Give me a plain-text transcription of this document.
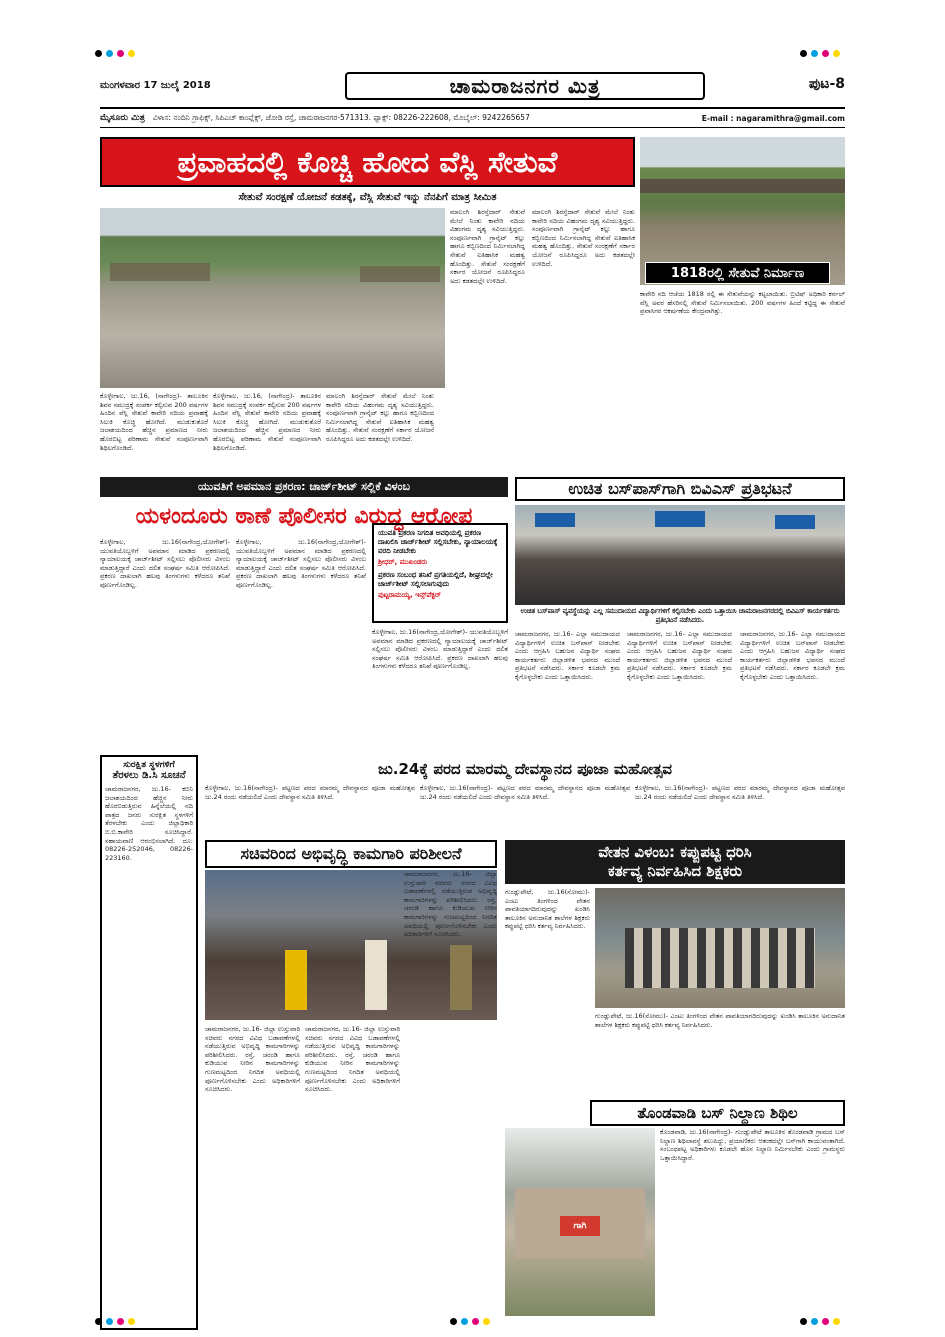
ಮಂಗಳವಾರ 17 ಜುಲೈ 2018	ಚಾಮರಾಜನಗರ ಮಿತ್ರ	ಪುಟ-8
ಮೈಸೂರು ಮಿತ್ರ ವಿಳಾಸ: ನಂದಿನಿ ಗ್ರಾಫಿಕ್ಸ್, ಸಿಪಿಎಚ್ ಕಾಂಪ್ಲೆಕ್ಸ್, ಜೋಡಿ ರಸ್ತೆ, ಚಾಮರಾಜನಗರ-571313. ಫ್ಯಾಕ್ಸ್: 08226-222608, ಮೊಬೈಲ್: 9242265657	E-mail : nagaramithra@gmail.com
ಪ್ರವಾಹದಲ್ಲಿ ಕೊಚ್ಚಿ ಹೋದ ವೆಸ್ಲಿ ಸೇತುವೆ
ಸೇತುವೆ ಸಂರಕ್ಷಣೆ ಯೋಜನೆ ಕಡತಕ್ಕೆ, ವೆಸ್ಲಿ ಸೇತುವೆ ಇನ್ನು ನೆನಪಿಗೆ ಮಾತ್ರ ಸೀಮಿತ
ಕೊಳ್ಳೇಗಾಲ, ಜು.16, (ನಾಗೇಂದ್ರ)- ತಾಲೂಕಿನ ಶಿವನ ಸಮುದ್ರಕ್ಕೆ ಸಂಪರ್ಕ ಕಲ್ಪಿಸುವ 200 ವರ್ಷಗಳ ಹಿಂದಿನ ವೆಸ್ಲಿ ಸೇತುವೆ ಕಾವೇರಿ ನದಿಯ ಪ್ರವಾಹಕ್ಕೆ ಸಿಲುಕಿ ಕೊಚ್ಚಿ ಹೋಗಿದೆ. ಮುಡುಕುತೊರೆ ಜಲಾಶಯದಿಂದ ಹೆಚ್ಚಿನ ಪ್ರಮಾಣದ ನೀರು ಹೊರಬಿಟ್ಟ ಪರಿಣಾಮ ಸೇತುವೆ ಸಂಪೂರ್ಣವಾಗಿ ಶಿಥಿಲಗೊಂಡಿದೆ.
ಕೊಳ್ಳೇಗಾಲ, ಜು.16, (ನಾಗೇಂದ್ರ)- ತಾಲೂಕಿನ ಶಿವನ ಸಮುದ್ರಕ್ಕೆ ಸಂಪರ್ಕ ಕಲ್ಪಿಸುವ 200 ವರ್ಷಗಳ ಹಿಂದಿನ ವೆಸ್ಲಿ ಸೇತುವೆ ಕಾವೇರಿ ನದಿಯ ಪ್ರವಾಹಕ್ಕೆ ಸಿಲುಕಿ ಕೊಚ್ಚಿ ಹೋಗಿದೆ. ಮುಡುಕುತೊರೆ ಜಲಾಶಯದಿಂದ ಹೆಚ್ಚಿನ ಪ್ರಮಾಣದ ನೀರು ಹೊರಬಿಟ್ಟ ಪರಿಣಾಮ ಸೇತುವೆ ಸಂಪೂರ್ಣವಾಗಿ ಶಿಥಿಲಗೊಂಡಿದೆ.
ಮಾಲಂಗಿ ಶಿರಸ್ತೆದಾರ್ ಸೇತುವೆ ಮೇಲೆ ನಿಂತು ಕಾವೇರಿ ನದಿಯ ವಿಹಂಗಮ ದೃಶ್ಯ ಸವಿಯುತ್ತಿದ್ದರು. ಸಂಪೂರ್ಣವಾಗಿ ಗ್ರಾನೈಟ್ ಕಲ್ಲು ಹಾಗೂ ಕಬ್ಬಿಣದಿಂದ ನಿರ್ಮಿಸಲಾಗಿದ್ದ ಸೇತುವೆ ಐತಿಹಾಸಿಕ ಮಹತ್ವ ಹೊಂದಿತ್ತು. ಸೇತುವೆ ಸಂರಕ್ಷಣೆಗೆ ಸರ್ಕಾರ ಯೋಜನೆ ರೂಪಿಸಿದ್ದರೂ ಅದು ಕಡತದಲ್ಲೇ ಉಳಿದಿದೆ.
ಮಾಲಂಗಿ ಶಿರಸ್ತೆದಾರ್ ಸೇತುವೆ ಮೇಲೆ ನಿಂತು ಕಾವೇರಿ ನದಿಯ ವಿಹಂಗಮ ದೃಶ್ಯ ಸವಿಯುತ್ತಿದ್ದರು. ಸಂಪೂರ್ಣವಾಗಿ ಗ್ರಾನೈಟ್ ಕಲ್ಲು ಹಾಗೂ ಕಬ್ಬಿಣದಿಂದ ನಿರ್ಮಿಸಲಾಗಿದ್ದ ಸೇತುವೆ ಐತಿಹಾಸಿಕ ಮಹತ್ವ ಹೊಂದಿತ್ತು. ಸೇತುವೆ ಸಂರಕ್ಷಣೆಗೆ ಸರ್ಕಾರ ಯೋಜನೆ ರೂಪಿಸಿದ್ದರೂ ಅದು ಕಡತದಲ್ಲೇ ಉಳಿದಿದೆ.
ಮಾಲಂಗಿ ಶಿರಸ್ತೆದಾರ್ ಸೇತುವೆ ಮೇಲೆ ನಿಂತು ಕಾವೇರಿ ನದಿಯ ವಿಹಂಗಮ ದೃಶ್ಯ ಸವಿಯುತ್ತಿದ್ದರು. ಸಂಪೂರ್ಣವಾಗಿ ಗ್ರಾನೈಟ್ ಕಲ್ಲು ಹಾಗೂ ಕಬ್ಬಿಣದಿಂದ ನಿರ್ಮಿಸಲಾಗಿದ್ದ ಸೇತುವೆ ಐತಿಹಾಸಿಕ ಮಹತ್ವ ಹೊಂದಿತ್ತು. ಸೇತುವೆ ಸಂರಕ್ಷಣೆಗೆ ಸರ್ಕಾರ ಯೋಜನೆ ರೂಪಿಸಿದ್ದರೂ ಅದು ಕಡತದಲ್ಲೇ ಉಳಿದಿದೆ.
1818ರಲ್ಲಿ ಸೇತುವೆ ನಿರ್ಮಾಣ
ಕಾವೇರಿ ನದಿ ಆಚೆಯ 1818 ರಲ್ಲಿ ಈ ಸೇತುವೆಯನ್ನು ಕಟ್ಟಲಾಯಿತು. ಬ್ರಿಟಿಷ್ ಅಧಿಕಾರಿ ಕರ್ನಲ್ ವೆಸ್ಲಿ ಅವರ ಹೆಸರಿನಲ್ಲಿ ಸೇತುವೆ ನಿರ್ಮಿಸಲಾಯಿತು. 200 ವರ್ಷಗಳ ಹಿಂದೆ ಕಟ್ಟಿದ್ದ ಈ ಸೇತುವೆ ಪ್ರವಾಸಿಗರ ಆಕರ್ಷಣೆಯ ಕೇಂದ್ರವಾಗಿತ್ತು.
ಯುವತಿಗೆ ಅಪಮಾನ ಪ್ರಕರಣ: ಚಾರ್ಜ್‌ಶೀಟ್ ಸಲ್ಲಿಕೆ ವಿಳಂಬ
ಯಳಂದೂರು ಠಾಣೆ ಪೊಲೀಸರ ವಿರುದ್ಧ ಆರೋಪ
ಕೊಳ್ಳೇಗಾಲ, ಜು.16(ನಾಗೇಂದ್ರ,ಯೋಗೇಶ್)- ಯುವತಿಯೊಬ್ಬಳಿಗೆ ಅಪಮಾನ ಮಾಡಿದ ಪ್ರಕರಣದಲ್ಲಿ ನ್ಯಾಯಾಲಯಕ್ಕೆ ಚಾರ್ಜ್‌ಶೀಟ್ ಸಲ್ಲಿಸಲು ಪೊಲೀಸರು ವಿಳಂಬ ಮಾಡುತ್ತಿದ್ದಾರೆ ಎಂದು ದಲಿತ ಸಂಘರ್ಷ ಸಮಿತಿ ಆರೋಪಿಸಿದೆ. ಪ್ರಕರಣ ದಾಖಲಾಗಿ ಹಲವು ತಿಂಗಳುಗಳು ಕಳೆದರೂ ತನಿಖೆ ಪೂರ್ಣಗೊಂಡಿಲ್ಲ.
ಕೊಳ್ಳೇಗಾಲ, ಜು.16(ನಾಗೇಂದ್ರ,ಯೋಗೇಶ್)- ಯುವತಿಯೊಬ್ಬಳಿಗೆ ಅಪಮಾನ ಮಾಡಿದ ಪ್ರಕರಣದಲ್ಲಿ ನ್ಯಾಯಾಲಯಕ್ಕೆ ಚಾರ್ಜ್‌ಶೀಟ್ ಸಲ್ಲಿಸಲು ಪೊಲೀಸರು ವಿಳಂಬ ಮಾಡುತ್ತಿದ್ದಾರೆ ಎಂದು ದಲಿತ ಸಂಘರ್ಷ ಸಮಿತಿ ಆರೋಪಿಸಿದೆ. ಪ್ರಕರಣ ದಾಖಲಾಗಿ ಹಲವು ತಿಂಗಳುಗಳು ಕಳೆದರೂ ತನಿಖೆ ಪೂರ್ಣಗೊಂಡಿಲ್ಲ.
ಯುವತಿ ಪ್ರಕರಣ ನಿಗದಿತ ಅವಧಿಯಲ್ಲಿ ಪ್ರಕರಣ ದಾಖಲಿಸಿ ಚಾರ್ಜ್‌ಶೀಟ್ ಸಲ್ಲಿಸಬೇಕು, ನ್ಯಾಯಾಲಯಕ್ಕೆ ವರದಿ ನೀಡಬೇಕು
ಶ್ರೀಧರ್, ಮುಖಂಡರು
ಪ್ರಕರಣ ಸಂಬಂಧ ತನಿಖೆ ಪ್ರಗತಿಯಲ್ಲಿದೆ, ಶೀಘ್ರದಲ್ಲೇ ಚಾರ್ಜ್‌ಶೀಟ್ ಸಲ್ಲಿಸಲಾಗುವುದು
ಪುಟ್ಟರಾಮಯ್ಯ, ಇನ್ಸ್‌ಪೆಕ್ಟರ್
ಕೊಳ್ಳೇಗಾಲ, ಜು.16(ನಾಗೇಂದ್ರ,ಯೋಗೇಶ್)- ಯುವತಿಯೊಬ್ಬಳಿಗೆ ಅಪಮಾನ ಮಾಡಿದ ಪ್ರಕರಣದಲ್ಲಿ ನ್ಯಾಯಾಲಯಕ್ಕೆ ಚಾರ್ಜ್‌ಶೀಟ್ ಸಲ್ಲಿಸಲು ಪೊಲೀಸರು ವಿಳಂಬ ಮಾಡುತ್ತಿದ್ದಾರೆ ಎಂದು ದಲಿತ ಸಂಘರ್ಷ ಸಮಿತಿ ಆರೋಪಿಸಿದೆ. ಪ್ರಕರಣ ದಾಖಲಾಗಿ ಹಲವು ತಿಂಗಳುಗಳು ಕಳೆದರೂ ತನಿಖೆ ಪೂರ್ಣಗೊಂಡಿಲ್ಲ.
ಉಚಿತ ಬಸ್‌ಪಾಸ್‌ಗಾಗಿ ಬಿವಿಎಸ್ ಪ್ರತಿಭಟನೆ
ಉಚಿತ ಬಸ್‌ಪಾಸ್ ವ್ಯವಸ್ಥೆಯನ್ನು ಎಲ್ಲ ಸಮುದಾಯದ ವಿದ್ಯಾರ್ಥಿಗಳಿಗೆ ಕಲ್ಪಿಸಬೇಕು ಎಂದು ಒತ್ತಾಯಿಸಿ ಚಾಮರಾಜನಗರದಲ್ಲಿ ಬಿವಿಎಸ್ ಕಾರ್ಯಕರ್ತರು ಪ್ರತಿಭಟನೆ ನಡೆಸಿದರು.
ಚಾಮರಾಜನಗರ, ಜು.16- ಎಲ್ಲಾ ಸಮುದಾಯದ ವಿದ್ಯಾರ್ಥಿಗಳಿಗೆ ಉಚಿತ ಬಸ್‌ಪಾಸ್ ನೀಡಬೇಕು ಎಂದು ಆಗ್ರಹಿಸಿ ಬಹುಜನ ವಿದ್ಯಾರ್ಥಿ ಸಂಘದ ಕಾರ್ಯಕರ್ತರು ಜಿಲ್ಲಾಡಳಿತ ಭವನದ ಮುಂದೆ ಪ್ರತಿಭಟನೆ ನಡೆಸಿದರು. ಸರ್ಕಾರ ಕೂಡಲೇ ಕ್ರಮ ಕೈಗೊಳ್ಳಬೇಕು ಎಂದು ಒತ್ತಾಯಿಸಿದರು.
ಚಾಮರಾಜನಗರ, ಜು.16- ಎಲ್ಲಾ ಸಮುದಾಯದ ವಿದ್ಯಾರ್ಥಿಗಳಿಗೆ ಉಚಿತ ಬಸ್‌ಪಾಸ್ ನೀಡಬೇಕು ಎಂದು ಆಗ್ರಹಿಸಿ ಬಹುಜನ ವಿದ್ಯಾರ್ಥಿ ಸಂಘದ ಕಾರ್ಯಕರ್ತರು ಜಿಲ್ಲಾಡಳಿತ ಭವನದ ಮುಂದೆ ಪ್ರತಿಭಟನೆ ನಡೆಸಿದರು. ಸರ್ಕಾರ ಕೂಡಲೇ ಕ್ರಮ ಕೈಗೊಳ್ಳಬೇಕು ಎಂದು ಒತ್ತಾಯಿಸಿದರು.
ಚಾಮರಾಜನಗರ, ಜು.16- ಎಲ್ಲಾ ಸಮುದಾಯದ ವಿದ್ಯಾರ್ಥಿಗಳಿಗೆ ಉಚಿತ ಬಸ್‌ಪಾಸ್ ನೀಡಬೇಕು ಎಂದು ಆಗ್ರಹಿಸಿ ಬಹುಜನ ವಿದ್ಯಾರ್ಥಿ ಸಂಘದ ಕಾರ್ಯಕರ್ತರು ಜಿಲ್ಲಾಡಳಿತ ಭವನದ ಮುಂದೆ ಪ್ರತಿಭಟನೆ ನಡೆಸಿದರು. ಸರ್ಕಾರ ಕೂಡಲೇ ಕ್ರಮ ಕೈಗೊಳ್ಳಬೇಕು ಎಂದು ಒತ್ತಾಯಿಸಿದರು.
ಸುರಕ್ಷಿತ ಸ್ಥಳಗಳಿಗೆ
ತೆರಳಲು ಡಿ.ಸಿ ಸೂಚನೆ
ಚಾಮರಾಜನಗರ, ಜು.16- ಕಬಿನಿ ಜಲಾಶಯದಿಂದ ಹೆಚ್ಚಿನ ನೀರು ಹೊರಬಿಡುತ್ತಿರುವ ಹಿನ್ನೆಲೆಯಲ್ಲಿ ನದಿ ಪಾತ್ರದ ಜನರು ಸುರಕ್ಷಿತ ಸ್ಥಳಗಳಿಗೆ ತೆರಳಬೇಕು ಎಂದು ಜಿಲ್ಲಾಧಿಕಾರಿ ಬಿ.ಬಿ.ಕಾವೇರಿ ಸೂಚಿಸಿದ್ದಾರೆ. ಸಹಾಯವಾಣಿ ಆರಂಭಿಸಲಾಗಿದೆ. ದೂ: 08226-252046, 08226-223160.
ಜು.24ಕ್ಕೆ ಪರದ ಮಾರಮ್ಮ ದೇವಸ್ಥಾನದ ಪೂಜಾ ಮಹೋತ್ಸವ
ಕೊಳ್ಳೇಗಾಲ, ಜು.16(ನಾಗೇಂದ್ರ)- ಪಟ್ಟಣದ ಪರದ ಮಾರಮ್ಮ ದೇವಸ್ಥಾನದ ಪೂಜಾ ಮಹೋತ್ಸವ ಜು.24 ರಂದು ನಡೆಯಲಿದೆ ಎಂದು ದೇವಸ್ಥಾನ ಸಮಿತಿ ತಿಳಿಸಿದೆ.
ಕೊಳ್ಳೇಗಾಲ, ಜು.16(ನಾಗೇಂದ್ರ)- ಪಟ್ಟಣದ ಪರದ ಮಾರಮ್ಮ ದೇವಸ್ಥಾನದ ಪೂಜಾ ಮಹೋತ್ಸವ ಜು.24 ರಂದು ನಡೆಯಲಿದೆ ಎಂದು ದೇವಸ್ಥಾನ ಸಮಿತಿ ತಿಳಿಸಿದೆ.
ಕೊಳ್ಳೇಗಾಲ, ಜು.16(ನಾಗೇಂದ್ರ)- ಪಟ್ಟಣದ ಪರದ ಮಾರಮ್ಮ ದೇವಸ್ಥಾನದ ಪೂಜಾ ಮಹೋತ್ಸವ ಜು.24 ರಂದು ನಡೆಯಲಿದೆ ಎಂದು ದೇವಸ್ಥಾನ ಸಮಿತಿ ತಿಳಿಸಿದೆ.
ಸಚಿವರಿಂದ ಅಭಿವೃದ್ಧಿ ಕಾಮಗಾರಿ ಪರಿಶೀಲನೆ
ಚಾಮರಾಜನಗರ, ಜು.16- ಜಿಲ್ಲಾ ಉಸ್ತುವಾರಿ ಸಚಿವರು ನಗರದ ವಿವಿಧ ಬಡಾವಣೆಗಳಲ್ಲಿ ನಡೆಯುತ್ತಿರುವ ಅಭಿವೃದ್ಧಿ ಕಾಮಗಾರಿಗಳನ್ನು ಪರಿಶೀಲಿಸಿದರು. ರಸ್ತೆ, ಚರಂಡಿ ಹಾಗೂ ಕುಡಿಯುವ ನೀರಿನ ಕಾಮಗಾರಿಗಳನ್ನು ಗುಣಮಟ್ಟದಿಂದ ನಿಗದಿತ ಅವಧಿಯಲ್ಲಿ ಪೂರ್ಣಗೊಳಿಸಬೇಕು ಎಂದು ಅಧಿಕಾರಿಗಳಿಗೆ ಸೂಚಿಸಿದರು.
ಚಾಮರಾಜನಗರ, ಜು.16- ಜಿಲ್ಲಾ ಉಸ್ತುವಾರಿ ಸಚಿವರು ನಗರದ ವಿವಿಧ ಬಡಾವಣೆಗಳಲ್ಲಿ ನಡೆಯುತ್ತಿರುವ ಅಭಿವೃದ್ಧಿ ಕಾಮಗಾರಿಗಳನ್ನು ಪರಿಶೀಲಿಸಿದರು. ರಸ್ತೆ, ಚರಂಡಿ ಹಾಗೂ ಕುಡಿಯುವ ನೀರಿನ ಕಾಮಗಾರಿಗಳನ್ನು ಗುಣಮಟ್ಟದಿಂದ ನಿಗದಿತ ಅವಧಿಯಲ್ಲಿ ಪೂರ್ಣಗೊಳಿಸಬೇಕು ಎಂದು ಅಧಿಕಾರಿಗಳಿಗೆ ಸೂಚಿಸಿದರು.
ಚಾಮರಾಜನಗರ, ಜು.16- ಜಿಲ್ಲಾ ಉಸ್ತುವಾರಿ ಸಚಿವರು ನಗರದ ವಿವಿಧ ಬಡಾವಣೆಗಳಲ್ಲಿ ನಡೆಯುತ್ತಿರುವ ಅಭಿವೃದ್ಧಿ ಕಾಮಗಾರಿಗಳನ್ನು ಪರಿಶೀಲಿಸಿದರು. ರಸ್ತೆ, ಚರಂಡಿ ಹಾಗೂ ಕುಡಿಯುವ ನೀರಿನ ಕಾಮಗಾರಿಗಳನ್ನು ಗುಣಮಟ್ಟದಿಂದ ನಿಗದಿತ ಅವಧಿಯಲ್ಲಿ ಪೂರ್ಣಗೊಳಿಸಬೇಕು ಎಂದು ಅಧಿಕಾರಿಗಳಿಗೆ ಸೂಚಿಸಿದರು.
ವೇತನ ವಿಳಂಬ: ಕಪ್ಪುಪಟ್ಟಿ ಧರಿಸಿ
ಕರ್ತವ್ಯ ನಿರ್ವಹಿಸಿದ ಶಿಕ್ಷಕರು
ಗುಂಡ್ಲುಪೇಟೆ, ಜು.16(ಸೋಮು)- ಎಂಟು ತಿಂಗಳಿಂದ ವೇತನ ಪಾವತಿಯಾಗದಿರುವುದನ್ನು ಖಂಡಿಸಿ ತಾಲೂಕಿನ ಅನುದಾನಿತ ಶಾಲೆಗಳ ಶಿಕ್ಷಕರು ಕಪ್ಪುಪಟ್ಟಿ ಧರಿಸಿ ಕರ್ತವ್ಯ ನಿರ್ವಹಿಸಿದರು.
ಗುಂಡ್ಲುಪೇಟೆ, ಜು.16(ಸೋಮು)- ಎಂಟು ತಿಂಗಳಿಂದ ವೇತನ ಪಾವತಿಯಾಗದಿರುವುದನ್ನು ಖಂಡಿಸಿ ತಾಲೂಕಿನ ಅನುದಾನಿತ ಶಾಲೆಗಳ ಶಿಕ್ಷಕರು ಕಪ್ಪುಪಟ್ಟಿ ಧರಿಸಿ ಕರ್ತವ್ಯ ನಿರ್ವಹಿಸಿದರು.
ತೊಂಡವಾಡಿ ಬಸ್ ನಿಲ್ದಾಣ ಶಿಥಿಲ
ಗಾಗಿ
ಕೊಂಡವಾಡಿ, ಜು.16(ನಾಗೇಂದ್ರ)- ಗುಂಡ್ಲುಪೇಟೆ ತಾಲೂಕಿನ ತೊಂಡವಾಡಿ ಗ್ರಾಮದ ಬಸ್ ನಿಲ್ದಾಣ ಶಿಥಿಲಾವಸ್ಥೆ ತಲುಪಿದ್ದು, ಪ್ರಯಾಣಿಕರು ಆತಂಕದಲ್ಲೇ ಬಸ್‌ಗಾಗಿ ಕಾಯುವಂತಾಗಿದೆ. ಸಂಬಂಧಪಟ್ಟ ಅಧಿಕಾರಿಗಳು ಕೂಡಲೇ ಹೊಸ ನಿಲ್ದಾಣ ನಿರ್ಮಿಸಬೇಕು ಎಂದು ಗ್ರಾಮಸ್ಥರು ಒತ್ತಾಯಿಸಿದ್ದಾರೆ.
